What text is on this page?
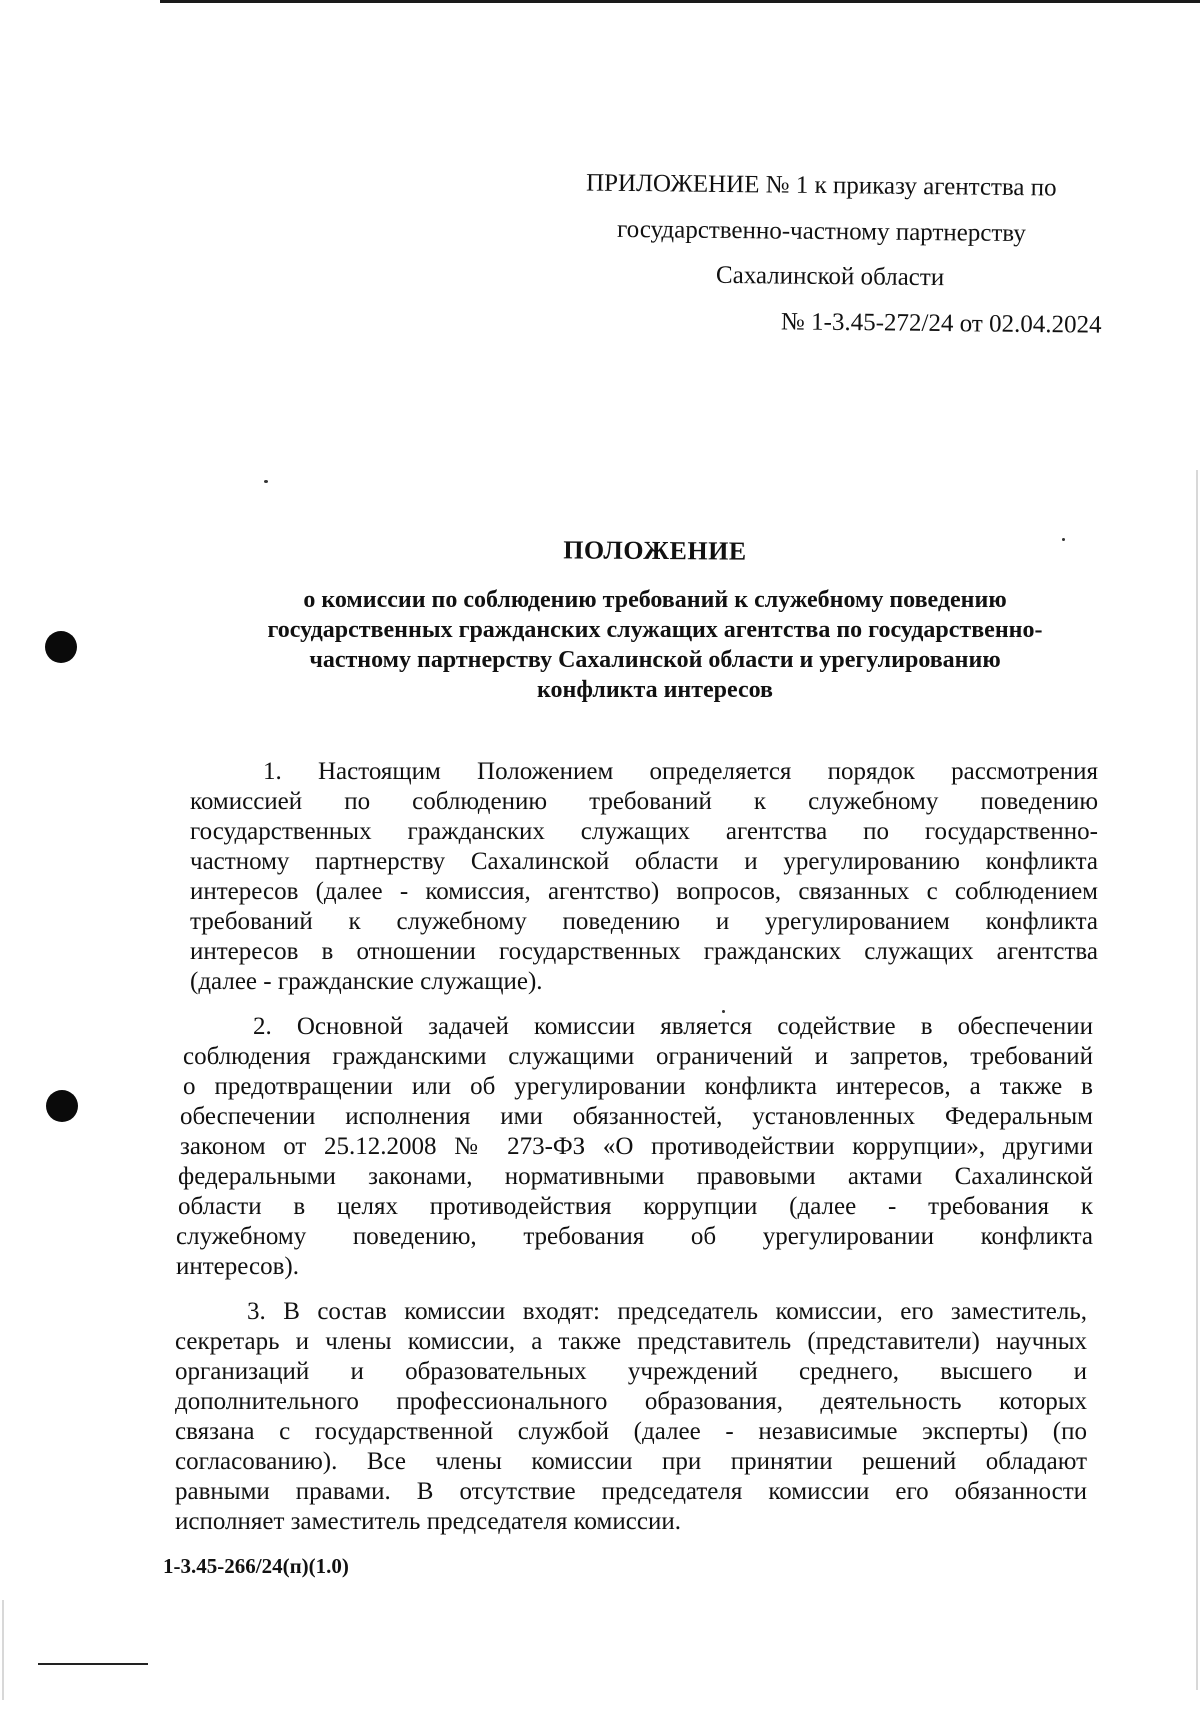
ПРИЛОЖЕНИЕ № 1 к приказу агентства по
государственно-частному партнерству
Сахалинской области
№ 1-3.45-272/24 от 02.04.2024
ПОЛОЖЕНИЕ
о комиссии по соблюдению требований к служебному поведению
государственных гражданских служащих агентства по государственно-
частному партнерству Сахалинской области и урегулированию
конфликта интересов
1. Настоящим Положением определяется порядок рассмотрения
комиссией по соблюдению требований к служебному поведению
государственных гражданских служащих агентства по государственно-
частному партнерству Сахалинской области и урегулированию конфликта
интересов (далее - комиссия, агентство) вопросов, связанных с соблюдением
требований к служебному поведению и урегулированием конфликта
интересов в отношении государственных гражданских служащих агентства
(далее - гражданские служащие).
2. Основной задачей комиссии является содействие в обеспечении
соблюдения гражданскими служащими ограничений и запретов, требований
о предотвращении или об урегулировании конфликта интересов, а также в
обеспечении исполнения ими обязанностей, установленных Федеральным
законом от 25.12.2008 № 273-ФЗ «О противодействии коррупции», другими
федеральными законами, нормативными правовыми актами Сахалинской
области в целях противодействия коррупции (далее - требования к
служебному поведению, требования об урегулировании конфликта
интересов).
3. В состав комиссии входят: председатель комиссии, его заместитель,
секретарь и члены комиссии, а также представитель (представители) научных
организаций и образовательных учреждений среднего, высшего и
дополнительного профессионального образования, деятельность которых
связана с государственной службой (далее - независимые эксперты) (по
согласованию). Все члены комиссии при принятии решений обладают
равными правами. В отсутствие председателя комиссии его обязанности
исполняет заместитель председателя комиссии.
1-3.45-266/24(п)(1.0)
